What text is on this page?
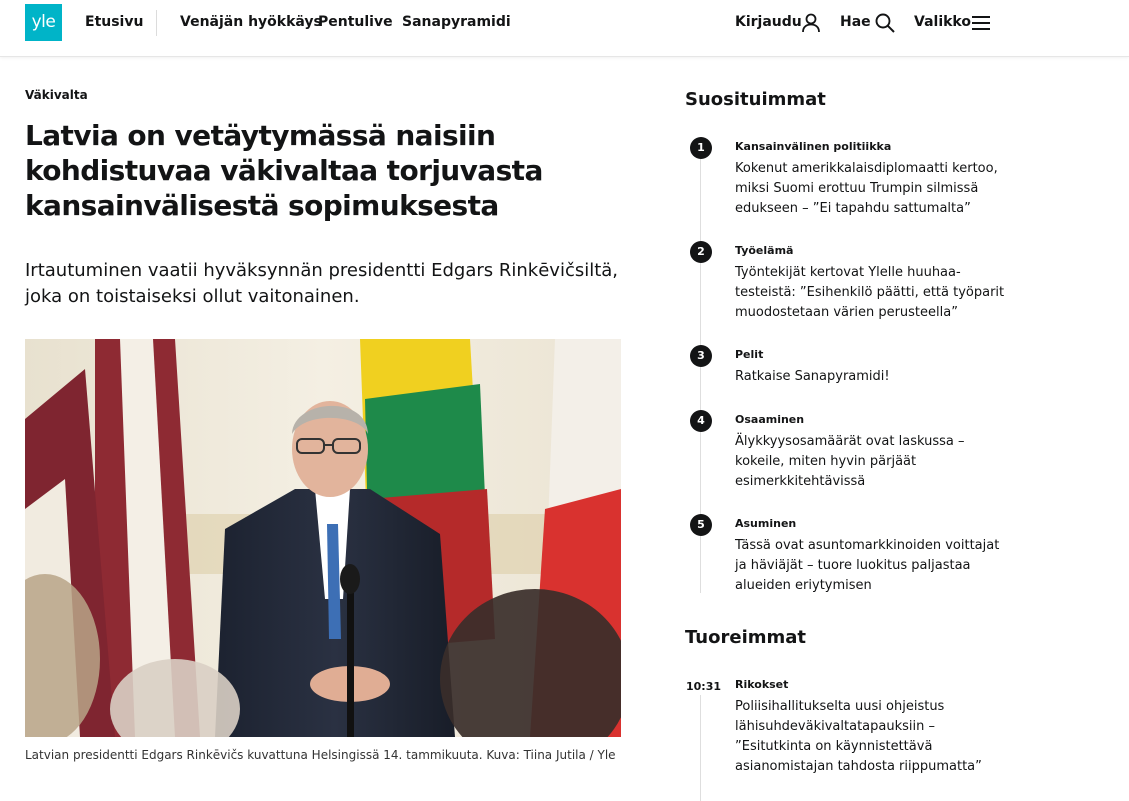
yle	Etusivu	Venäjän hyökkäys
Pentulive Sanapyramidi	Kirjaudu	Hae	Valikko
Väkivalta
Latvia on vetäytymässä naisiin kohdistuvaa väkivaltaa torjuvasta kansainvälisestä sopimuksesta

Irtautuminen vaatii hyväksynnän presidentti Edgars Rinkēvičsiltä, joka on toistaiseksi ollut vaitonainen.

Latvian presidentti Edgars Rinkēvičs kuvattuna Helsingissä 14. tammikuuta. Kuva: Tiina Jutila / Yle

Suosituimmat
1	Kansainvälinen politiikka
Kokenut amerikkalaisdiplomaatti kertoo, miksi Suomi erottuu Trumpin silmissä edukseen – ”Ei tapahdu sattumalta”
2	Työelämä
Työntekijät kertovat Ylelle huuhaa-testeistä: ”Esihenkilö päätti, että työparit muodostetaan värien perusteella”
3	Pelit
Ratkaise Sanapyramidi!
4	Osaaminen
Älykkyysosamäärät ovat laskussa – kokeile, miten hyvin pärjäät esimerkkitehtävissä
5	Asuminen
Tässä ovat asuntomarkkinoiden voittajat ja häviäjät – tuore luokitus paljastaa alueiden eriytymisen
Tuoreimmat
10:31 Rikokset
Poliisihallitukselta uusi ohjeistus lähisuhdeväkivaltatapauksiin – ”Esitutkinta on käynnistettävä asianomistajan tahdosta riippumatta”
